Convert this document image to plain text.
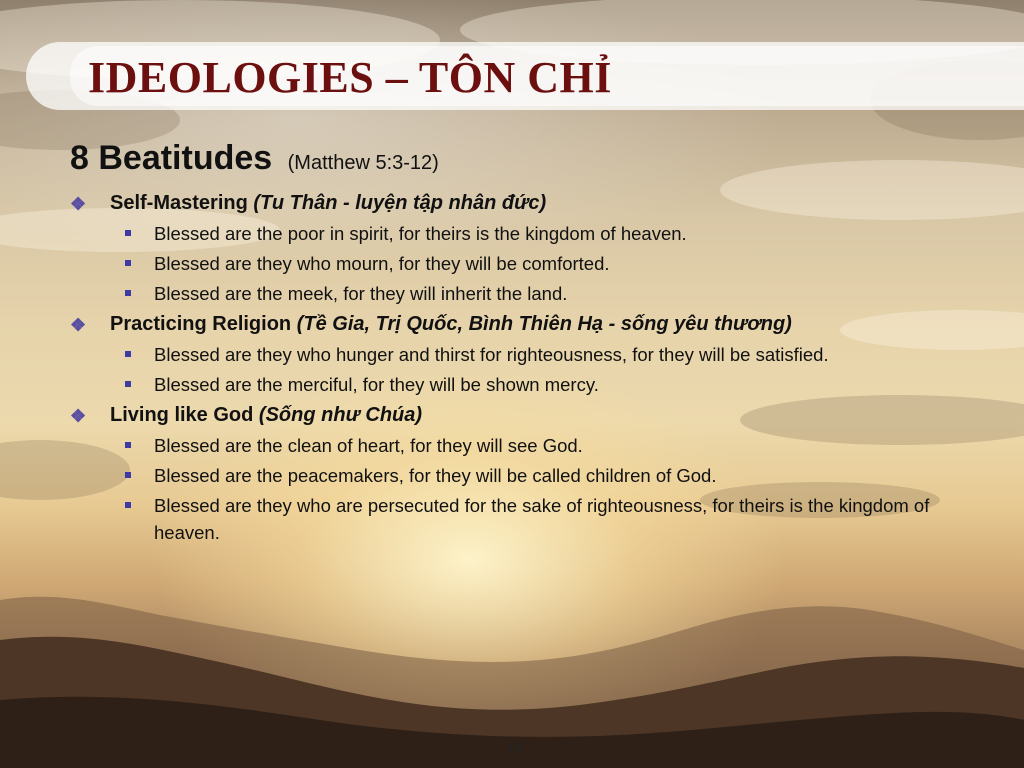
IDEOLOGIES – TÔN CHỈ

8 Beatitudes (Matthew 5:3-12)

❖ Self-Mastering (Tu Thân - luyện tập nhân đức)
Blessed are the poor in spirit, for theirs is the kingdom of heaven.
Blessed are they who mourn, for they will be comforted.
Blessed are the meek, for they will inherit the land.
❖ Practicing Religion (Tề Gia, Trị Quốc, Bình Thiên Hạ - sống yêu thương)
Blessed are they who hunger and thirst for righteousness, for they will be satisfied.
Blessed are the merciful, for they will be shown mercy.
❖ Living like God (Sống như Chúa)
Blessed are the clean of heart, for they will see God.
Blessed are the peacemakers, for they will be called children of God.
Blessed are they who are persecuted for the sake of righteousness, for theirs is the kingdom of heaven.
19
